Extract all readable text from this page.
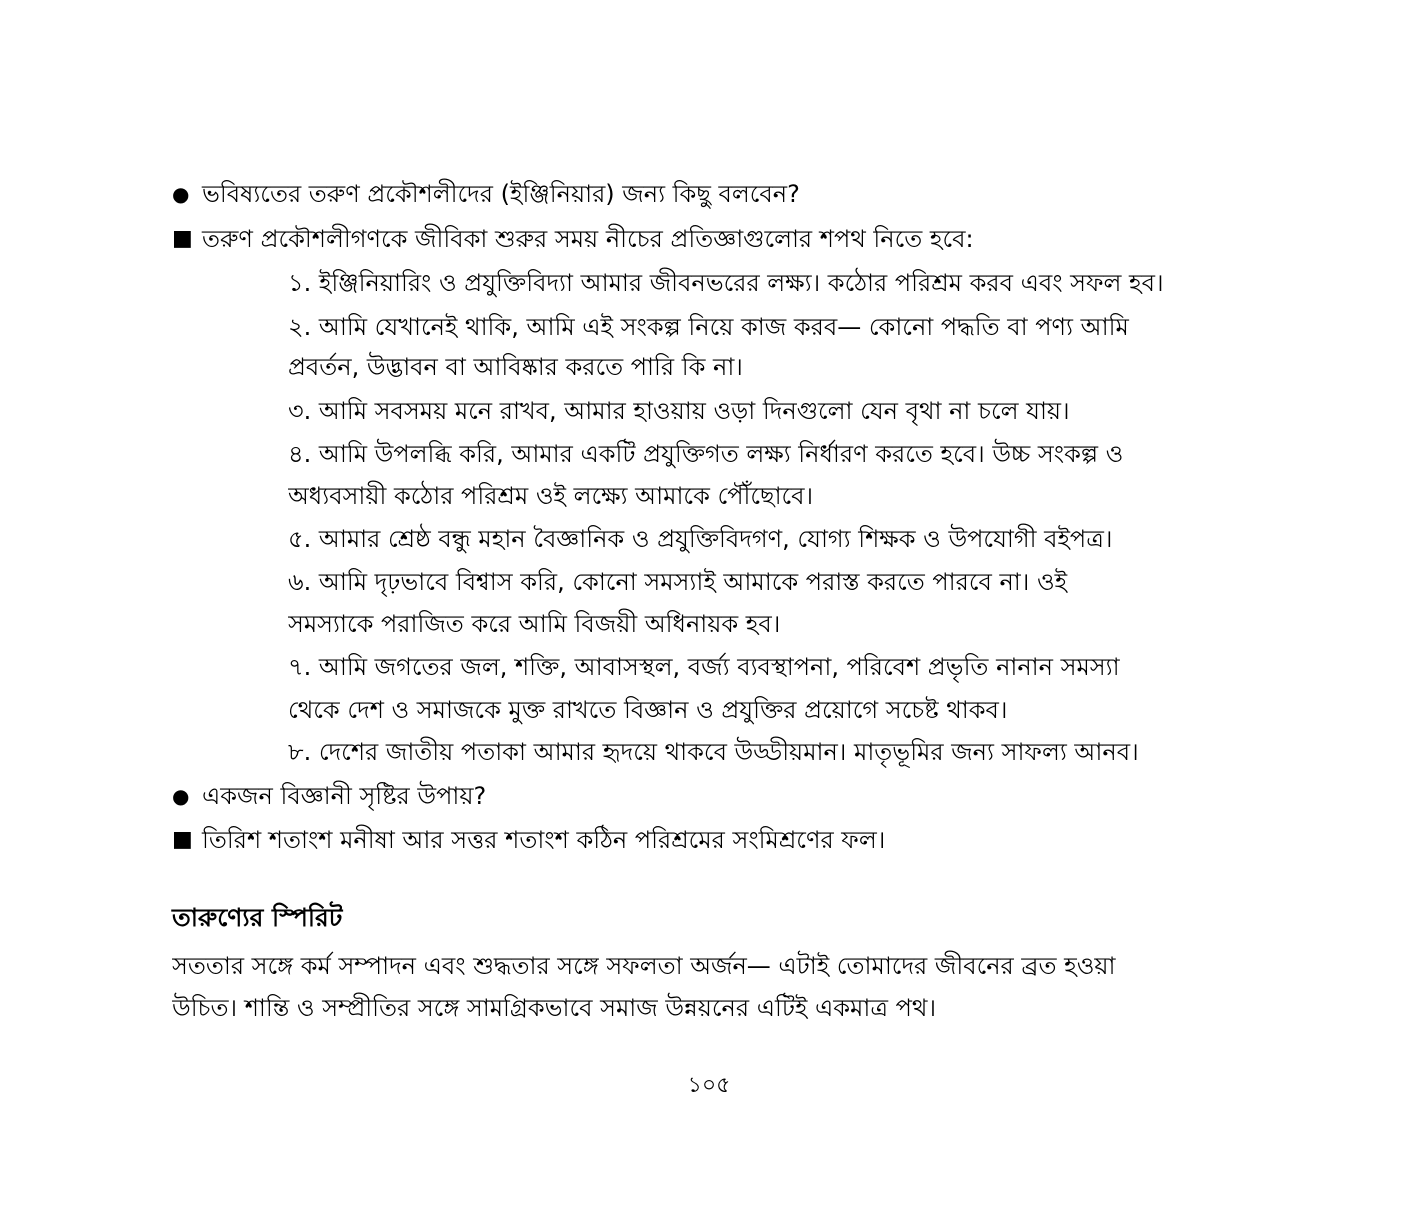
● ভবিষ্যতের তরুণ প্রকৌশলীদের (ইঞ্জিনিয়ার) জন্য কিছু বলবেন?
■ তরুণ প্রকৌশলীগণকে জীবিকা শুরুর সময় নীচের প্রতিজ্ঞাগুলোর শপথ নিতে হবে:
১. ইঞ্জিনিয়ারিং ও প্রযুক্তিবিদ্যা আমার জীবনভরের লক্ষ্য। কঠোর পরিশ্রম করব এবং সফল হব।
২. আমি যেখানেই থাকি, আমি এই সংকল্প নিয়ে কাজ করব— কোনো পদ্ধতি বা পণ্য আমি
প্রবর্তন, উদ্ভাবন বা আবিষ্কার করতে পারি কি না।
৩. আমি সবসময় মনে রাখব, আমার হাওয়ায় ওড়া দিনগুলো যেন বৃথা না চলে যায়।
৪. আমি উপলব্ধি করি, আমার একটি প্রযুক্তিগত লক্ষ্য নির্ধারণ করতে হবে। উচ্চ সংকল্প ও
অধ্যবসায়ী কঠোর পরিশ্রম ওই লক্ষ্যে আমাকে পৌঁছোবে।
৫. আমার শ্রেষ্ঠ বন্ধু মহান বৈজ্ঞানিক ও প্রযুক্তিবিদগণ, যোগ্য শিক্ষক ও উপযোগী বইপত্র।
৬. আমি দৃঢ়ভাবে বিশ্বাস করি, কোনো সমস্যাই আমাকে পরাস্ত করতে পারবে না। ওই
সমস্যাকে পরাজিত করে আমি বিজয়ী অধিনায়ক হব।
৭. আমি জগতের জল, শক্তি, আবাসস্থল, বর্জ্য ব্যবস্থাপনা, পরিবেশ প্রভৃতি নানান সমস্যা
থেকে দেশ ও সমাজকে মুক্ত রাখতে বিজ্ঞান ও প্রযুক্তির প্রয়োগে সচেষ্ট থাকব।
৮. দেশের জাতীয় পতাকা আমার হৃদয়ে থাকবে উড্ডীয়মান। মাতৃভূমির জন্য সাফল্য আনব।
● একজন বিজ্ঞানী সৃষ্টির উপায়?
■ তিরিশ শতাংশ মনীষা আর সত্তর শতাংশ কঠিন পরিশ্রমের সংমিশ্রণের ফল।
তারুণ্যের স্পিরিট
সততার সঙ্গে কর্ম সম্পাদন এবং শুদ্ধতার সঙ্গে সফলতা অর্জন— এটাই তোমাদের জীবনের ব্রত হওয়া
উচিত। শান্তি ও সম্প্রীতির সঙ্গে সামগ্রিকভাবে সমাজ উন্নয়নের এটিই একমাত্র পথ।
১০৫
